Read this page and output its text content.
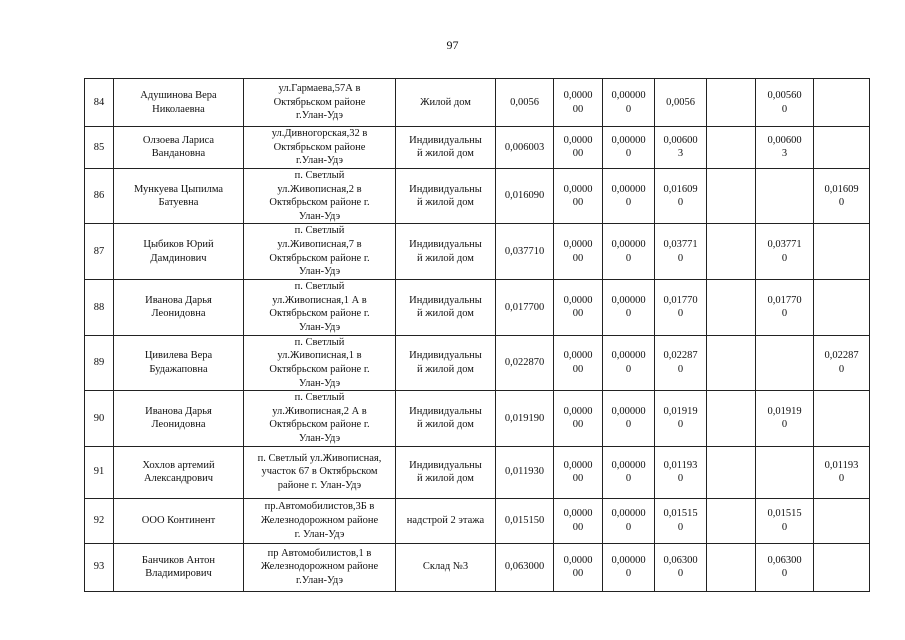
97
84	Адушинова Вера
Николаевна	ул.Гармаева,57А в
Октябрьском районе
г.Улан-Удэ	Жилой дом	0,0056	0,0000
00	0,00000
0	0,0056		0,00560
0	
85	Олзоева Лариса
Вандановна	ул.Дивногорская,32 в
Октябрьском районе
г.Улан-Удэ	Индивидуальны
й жилой дом	0,006003	0,0000
00	0,00000
0	0,00600
3		0,00600
3	
86	Мункуева Цыпилма
Батуевна	п. Светлый
ул.Живописная,2 в
Октябрьском районе г.
Улан-Удэ	Индивидуальны
й жилой дом	0,016090	0,0000
00	0,00000
0	0,01609
0			0,01609
0
87	Цыбиков Юрий
Дамдинович	п. Светлый
ул.Живописная,7 в
Октябрьском районе г.
Улан-Удэ	Индивидуальны
й жилой дом	0,037710	0,0000
00	0,00000
0	0,03771
0		0,03771
0	
88	Иванова Дарья
Леонидовна	п. Светлый
ул.Живописная,1 А в
Октябрьском районе г.
Улан-Удэ	Индивидуальны
й жилой дом	0,017700	0,0000
00	0,00000
0	0,01770
0		0,01770
0	
89	Цивилева Вера
Будажаповна	п. Светлый
ул.Живописная,1 в
Октябрьском районе г.
Улан-Удэ	Индивидуальны
й жилой дом	0,022870	0,0000
00	0,00000
0	0,02287
0			0,02287
0
90	Иванова Дарья
Леонидовна	п. Светлый
ул.Живописная,2 А в
Октябрьском районе г.
Улан-Удэ	Индивидуальны
й жилой дом	0,019190	0,0000
00	0,00000
0	0,01919
0		0,01919
0	
91	Хохлов артемий
Александрович	п. Светлый ул.Живописная,
участок 67 в Октябрьском
районе г. Улан-Удэ	Индивидуальны
й жилой дом	0,011930	0,0000
00	0,00000
0	0,01193
0			0,01193
0
92	ООО Континент	пр.Автомобилистов,3Б в
Железнодорожном районе
г. Улан-Удэ	надстрой 2 этажа	0,015150	0,0000
00	0,00000
0	0,01515
0		0,01515
0	
93	Банчиков Антон
Владимирович	пр Автомобилистов,1 в
Железнодорожном районе
г.Улан-Удэ	Склад №3	0,063000	0,0000
00	0,00000
0	0,06300
0		0,06300
0	
